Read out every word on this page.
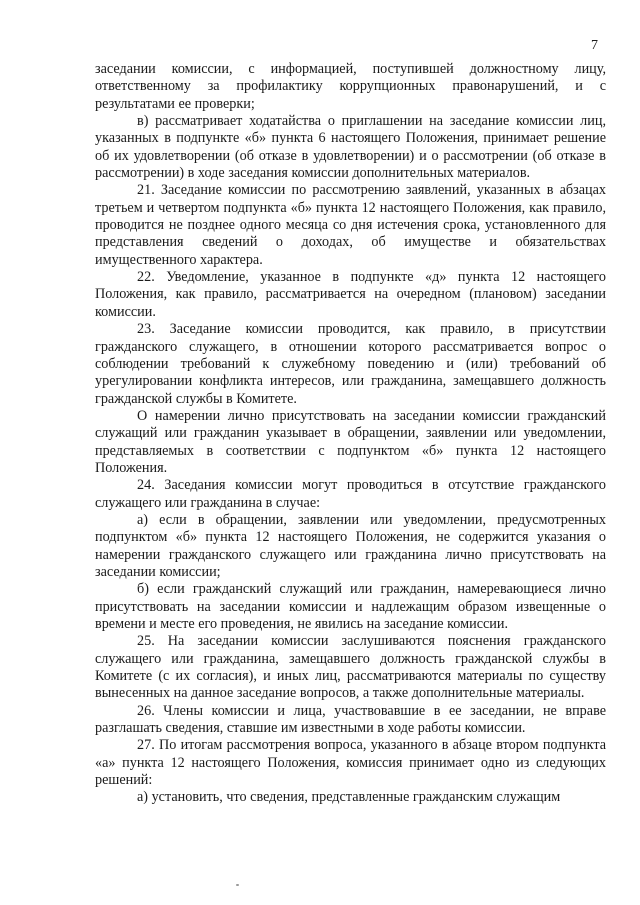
7

заседании комиссии, с информацией, поступившей должностному лицу, ответственному за профилактику коррупционных правонарушений, и с результатами ее проверки;

в) рассматривает ходатайства о приглашении на заседание комиссии лиц, указанных в подпункте «б» пункта 6 настоящего Положения, принимает решение об их удовлетворении (об отказе в удовлетворении) и о рассмотрении (об отказе в рассмотрении) в ходе заседания комиссии дополнительных материалов.

21. Заседание комиссии по рассмотрению заявлений, указанных в абзацах третьем и четвертом подпункта «б» пункта 12 настоящего Положения, как правило, проводится не позднее одного месяца со дня истечения срока, установленного для представления сведений о доходах, об имуществе и обязательствах имущественного характера.

22. Уведомление, указанное в подпункте «д» пункта 12 настоящего Положения, как правило, рассматривается на очередном (плановом) заседании комиссии.

23. Заседание комиссии проводится, как правило, в присутствии гражданского служащего, в отношении которого рассматривается вопрос о соблюдении требований к служебному поведению и (или) требований об урегулировании конфликта интересов, или гражданина, замещавшего должность гражданской службы в Комитете.

О намерении лично присутствовать на заседании комиссии гражданский служащий или гражданин указывает в обращении, заявлении или уведомлении, представляемых в соответствии с подпунктом «б» пункта 12 настоящего Положения.

24. Заседания комиссии могут проводиться в отсутствие гражданского служащего или гражданина в случае:

а) если в обращении, заявлении или уведомлении, предусмотренных подпунктом «б» пункта 12 настоящего Положения, не содержится указания о намерении гражданского служащего или гражданина лично присутствовать на заседании комиссии;

б) если гражданский служащий или гражданин, намеревающиеся лично присутствовать на заседании комиссии и надлежащим образом извещенные о времени и месте его проведения, не явились на заседание комиссии.

25. На заседании комиссии заслушиваются пояснения гражданского служащего или гражданина, замещавшего должность гражданской службы в Комитете (с их согласия), и иных лиц, рассматриваются материалы по существу вынесенных на данное заседание вопросов, а также дополнительные материалы.

26. Члены комиссии и лица, участвовавшие в ее заседании, не вправе разглашать сведения, ставшие им известными в ходе работы комиссии.

27. По итогам рассмотрения вопроса, указанного в абзаце втором подпункта «а» пункта 12 настоящего Положения, комиссия принимает одно из следующих решений:

а) установить, что сведения, представленные гражданским служащим
